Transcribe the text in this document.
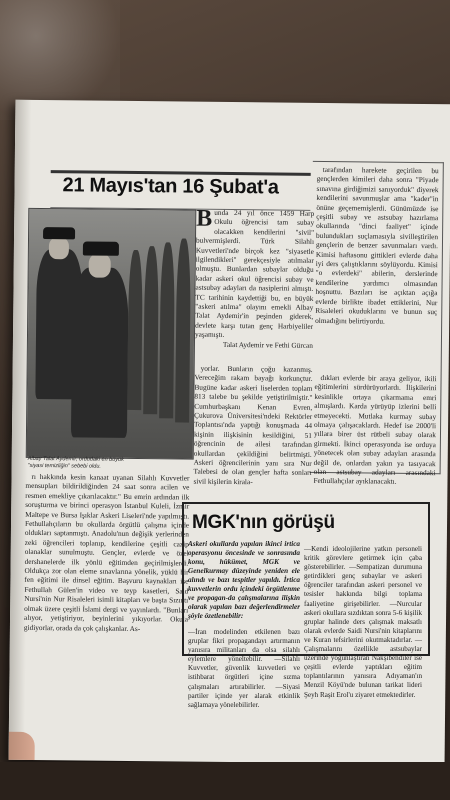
21 Mayıs'tan 16 Şubat'a
Albay Talat Aydemir, ordudaki en büyük
"siyasi temizliğin" sebebi oldu.
B unda 24 yıl önce 1459 Harp Okulu öğrencisi tam subay olacakken kendilerini "sivil" bulvermişlerdi. Türk Silahlı Kuvvetleri'nde birçok kez "siyasetle ilgilendikleri" gerekçesiyle atılmalar olmuştu. Bunlardan subaylar olduğu kadar askeri okul öğrencisi subay ve astsubay adayları da nasiplerini almıştı. TC tarihinin kaydettiği bu, en büyük "askeri atılma" olayını emekli Albay Talat Aydemir'in peşinden giderek, devlete karşı tutan genç Harbiyeliler yaşamıştı.

Talat Aydemir ve Fethi Gürcan

tarafından harekete geçirilen bu gençlerden kimileri daha sonra "Piyade sınavına girdiğimizi sanıyorduk" diyerek kendilerini savunmuşlar ama "kader"in önüne geçememişlerdi. Günümüzde ise çeşitli subay ve astsubay hazırlama okullarında "dinci faaliyet" içinde bulundukları suçlamasıyla sivilleştirilen gençlerin de benzer savunmaları vardı. Kimisi haftasonu gittikleri evlerde daha iyi ders çalıştıklarını söylüyordu. Kimisi "o evlerdeki" abilerin, derslerinde kendilerine yardımcı olmasından hoşnuttu. Bazıları ise açıktan açığa evlerde birlikte ibadet ettiklerini, Nur Risaleleri okuduklarını ve bunun suç olmadığını belirtiyordu.

yorlar. Bunların çoğu kazanmış. Vereceğim rakam bayağı korkunçtur. Bugüne kadar askeri liselerden toplam 813 talebe bu şekilde yetiştirilmiştir." Cumhurbaşkanı Kenan Evren, Çukurova Üniversitesi'ndeki Rektörler Toplantısı'nda yaptığı konuşmada 44 kişinin ilişkisinin kesildiğini, 51 öğrencinin de ailesi tarafından okullardan çekildiğini belirtmişti. Askeri öğrencilerinin yanı sıra Nur Talebesi de olan gençler hafta sonları sivil kişilerin kirala-

dıkları evlerde bir araya geliyor, ikili eğitimlerini sürdürüyorlardı. İlişkilerini kesinlikle ortaya çıkarmama emri almışlardı. Karda yürüyüp izlerini belli etmeyecekti. Mutlaka kurmay subay olmaya çalışacaklardı. Hedef ise 2000'li yıllara birer üst rütbeli subay olarak girmekti. İkinci operasyonda ise orduya yönetecek olan subay adayları arasında değil de, onlardan yakın ya tasıyacak olan astsubay adayları arasındaki Fethullahçılar ayıklanacaktı.

rı hakkında kesin kanaat uyanan Silahlı Kuvvetler mensupları bildirildiğinden 24 saat sonra acilen ve resmen emekliye çıkarılacaktır." Bu emrin ardından ilk soruşturma ve birinci operasyon İstanbul Kuleli, İzmir Maltepe ve Bursa Işıklar Askeri Liseleri'nde yapılmıştı. Fethullahçıların bu okullarda örgütlü çalışma içinde oldukları saptanmıştı. Anadolu'nun değişik yerlerinden zeki öğrencileri toplanıp, kendilerine çeşitli cazip olanaklar sunulmuştu. Gençler, evlerde ve özel dershanelerde ilk yönlü eğitimden geçirilmişlerdi. Oldukça zor olan eleme sınavlarına yönelik, yüklü bir fen eğitimi ile dinsel eğitim. Başvuru kaynakları ise Fethullah Gülen'in video ve teyp kasetleri, Said Nursi'nin Nur Risaleleri isimli kitapları ve başta Sızıntı olmak üzere çeşitli İslami dergi ve yayınlardı. "Bunları alıyor, yetiştiriyor, beyinlerini yıkıyorlar. Okula gidiyorlar, orada da çok çalışkanlar. As-

MGK'nın görüşü
Askeri okullarda yapılan ikinci irtica operasyonu öncesinde ve sonrasında konu, hükümet, MGK ve Genelkurmay düzeyinde yeniden ele alındı ve bazı tespitler yapıldı. İrtica kuvvetlerin ordu içindeki örgütlenme ve propagan-da çalışmalarına ilişkin olarak yapılan bazı değerlendirmeler şöyle özetlenebilir:

—Kendi ideolojilerine yatkın personeli kritik görevlere getirmek için çaba gösterebilirler. —Sempatizan durumuna getirdikleri genç subaylar ve askeri öğrenciler tarafından askeri personel ve tesisler hakkında bilgi toplama faaliyetine girişebilirler. —Nurcular askeri okullara sızdıktan sonra 5-6 kişilik gruplar halinde ders çalışmak maksatlı olarak evlerde Saidi Nursi'nin kitaplarını ve Kuran tefsirlerini okutmaktadırlar. —Çalışmalarını özellikle astsubaylar üzerinde yoğunlaştıran Nakşibendiler ise çeşitli evlerde yaptıkları eğitim toplantılarının yanısıra Adıyaman'ın Menzil Köyü'nde bulunan tarikat lideri Şeyh Raşit Erol'u ziyaret etmektedirler.

—İran modelinden etkilenen bazı gruplar fikri propagandayı artırmanın yanısıra militanları da olsa silahlı eylemlere yöneltebilir. —Silahlı Kuvvetler, güvenlik kuvvetleri ve istihbarat örgütleri içine sızma çalışmaları artırabilirler. —Siyasi partiler içinde yer alarak etkinlik sağlamaya yönelebilirler.
